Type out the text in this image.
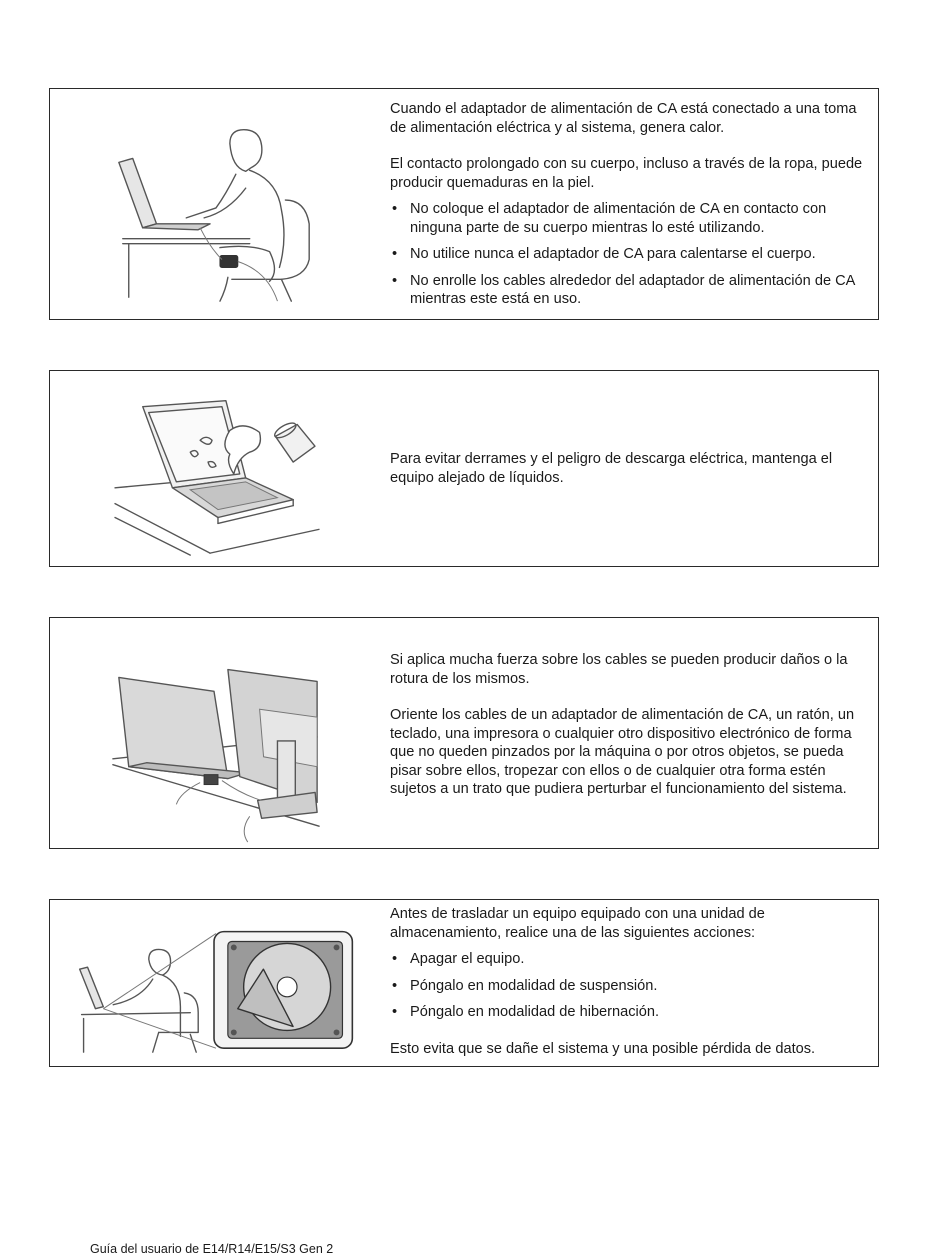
Cuando el adaptador de alimentación de CA está conectado a una toma de alimentación eléctrica y al sistema, genera calor.

El contacto prolongado con su cuerpo, incluso a través de la ropa, puede producir quemaduras en la piel.

• No coloque el adaptador de alimentación de CA en contacto con ninguna parte de su cuerpo mientras lo esté utilizando.
• No utilice nunca el adaptador de CA para calentarse el cuerpo.
• No enrolle los cables alrededor del adaptador de alimentación de CA mientras este está en uso.

Para evitar derrames y el peligro de descarga eléctrica, mantenga el equipo alejado de líquidos.

Si aplica mucha fuerza sobre los cables se pueden producir daños o la rotura de los mismos.

Oriente los cables de un adaptador de alimentación de CA, un ratón, un teclado, una impresora o cualquier otro dispositivo electrónico de forma que no queden pinzados por la máquina o por otros objetos, se pueda pisar sobre ellos, tropezar con ellos o de cualquier otra forma estén sujetos a un trato que pudiera perturbar el funcionamiento del sistema.

Antes de trasladar un equipo equipado con una unidad de almacenamiento, realice una de las siguientes acciones:

• Apagar el equipo.
• Póngalo en modalidad de suspensión.
• Póngalo en modalidad de hibernación.

Esto evita que se dañe el sistema y una posible pérdida de datos.

Guía del usuario de E14/R14/E15/S3 Gen 2
